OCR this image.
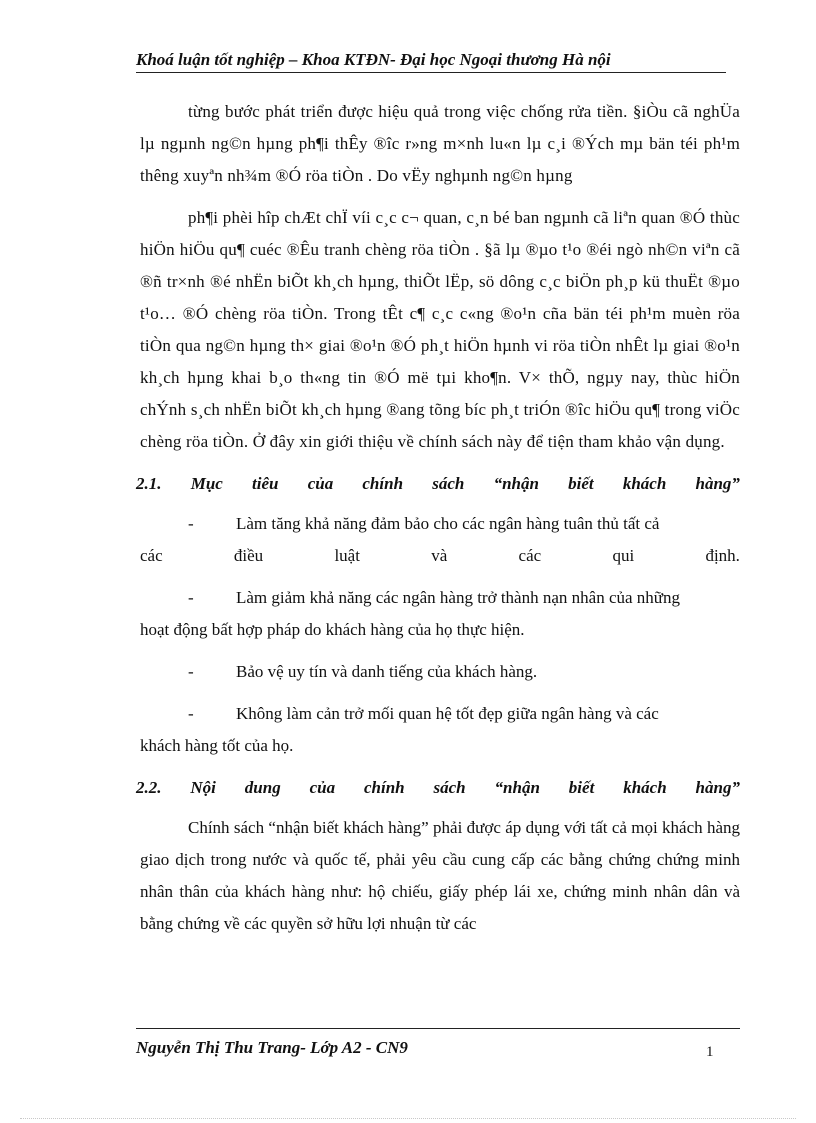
Khoá luận tốt nghiệp – Khoa KTĐN- Đại học Ngoại thương Hà nội

từng bước phát triển được hiệu quả trong việc chống rửa tiền. §iÒu cã nghÜa lµ ngµnh ng©n hµng ph¶i thÊy ®îc r»ng m×nh lu«n lµ c¸i ®Ých mµ bän téi ph¹m thêng xuyªn nh¾m ®Ó röa tiÒn . Do vËy nghµnh ng©n hµng

ph¶i phèi hîp chÆt chÏ víi c¸c c¬ quan, c¸n bé ban ngµnh cã liªn quan ®Ó thùc hiÖn hiÖu qu¶ cuéc ®Êu tranh chèng röa tiÒn . §ã lµ ®µo t¹o ®éi ngò nh©n viªn cã ®ñ tr×nh ®é nhËn biÕt kh¸ch hµng, thiÕt lËp, sö dông c¸c biÖn ph¸p kü thuËt ®µo t¹o… ®Ó chèng röa tiÒn. Trong tÊt c¶ c¸c c«ng ®o¹n cña bän téi ph¹m muèn röa tiÒn qua ng©n hµng th× giai ®o¹n ®Ó ph¸t hiÖn hµnh vi röa tiÒn nhÊt lµ giai ®o¹n kh¸ch hµng khai b¸o th«ng tin ®Ó më tµi kho¶n. V× thÕ, ngµy nay, thùc hiÖn chÝnh s¸ch nhËn biÕt kh¸ch hµng ®ang tõng bíc ph¸t triÓn ®îc hiÖu qu¶ trong viÖc chèng röa tiÒn. Ở đây xin giới thiệu về chính sách này để tiện tham khảo vận dụng.

2.1. Mục tiêu của chính sách “nhận biết khách hàng”
-	Làm tăng khả năng đảm bảo cho các ngân hàng tuân thủ tất cả
các	điều	luật	và	các	qui	định.
-	Làm giảm khả năng các ngân hàng trở thành nạn nhân của những
hoạt động bất hợp pháp do khách hàng của họ thực hiện.
-	Bảo vệ uy tín và danh tiếng của khách hàng.
-	Không làm cản trở mối quan hệ tốt đẹp giữa ngân hàng và các
khách hàng tốt của họ.
2.2. Nội dung của chính sách “nhận biết khách hàng”

Chính sách “nhận biết khách hàng” phải được áp dụng với tất cả mọi khách hàng giao dịch trong nước và quốc tế, phải yêu cầu cung cấp các bằng chứng chứng minh nhân thân của khách hàng như: hộ chiếu, giấy phép lái xe, chứng minh nhân dân và bằng chứng về các quyền sở hữu lợi nhuận từ các

Nguyễn Thị Thu Trang- Lớp A2 - CN9	1
